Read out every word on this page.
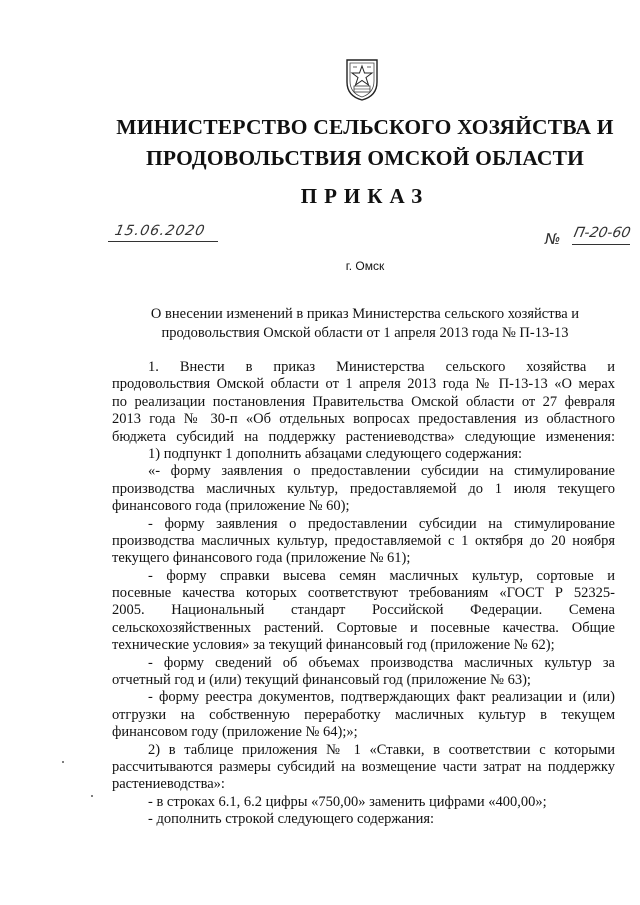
МИНИСТЕРСТВО СЕЛЬСКОГО ХОЗЯЙСТВА И
ПРОДОВОЛЬСТВИЯ ОМСКОЙ ОБЛАСТИ
ПРИКАЗ
15.06.2020	№ П-20-60
г. Омск
О внесении изменений в приказ Министерства сельского хозяйства и
продовольствия Омской области от 1 апреля 2013 года № П-13-13
1. Внести в приказ Министерства сельского хозяйства и
продовольствия Омской области от 1 апреля 2013 года № П-13-13 «О мерах
по реализации постановления Правительства Омской области от 27 февраля
2013 года № 30-п «Об отдельных вопросах предоставления из областного
бюджета субсидий на поддержку растениеводства» следующие изменения:
1) подпункт 1 дополнить абзацами следующего содержания:
«- форму заявления о предоставлении субсидии на стимулирование
производства масличных культур, предоставляемой до 1 июля текущего
финансового года (приложение № 60);
- форму заявления о предоставлении субсидии на стимулирование
производства масличных культур, предоставляемой с 1 октября до 20 ноября
текущего финансового года (приложение № 61);
- форму справки высева семян масличных культур, сортовые и
посевные качества которых соответствуют требованиям «ГОСТ Р 52325-
2005. Национальный стандарт Российской Федерации. Семена
сельскохозяйственных растений. Сортовые и посевные качества. Общие
технические условия» за текущий финансовый год (приложение № 62);
- форму сведений об объемах производства масличных культур за
отчетный год и (или) текущий финансовый год (приложение № 63);
- форму реестра документов, подтверждающих факт реализации и (или)
отгрузки на собственную переработку масличных культур в текущем
финансовом году (приложение № 64);»;
2) в таблице приложения № 1 «Ставки, в соответствии с которыми
рассчитываются размеры субсидий на возмещение части затрат на поддержку
растениеводства»:
- в строках 6.1, 6.2 цифры «750,00» заменить цифрами «400,00»;
- дополнить строкой следующего содержания:
